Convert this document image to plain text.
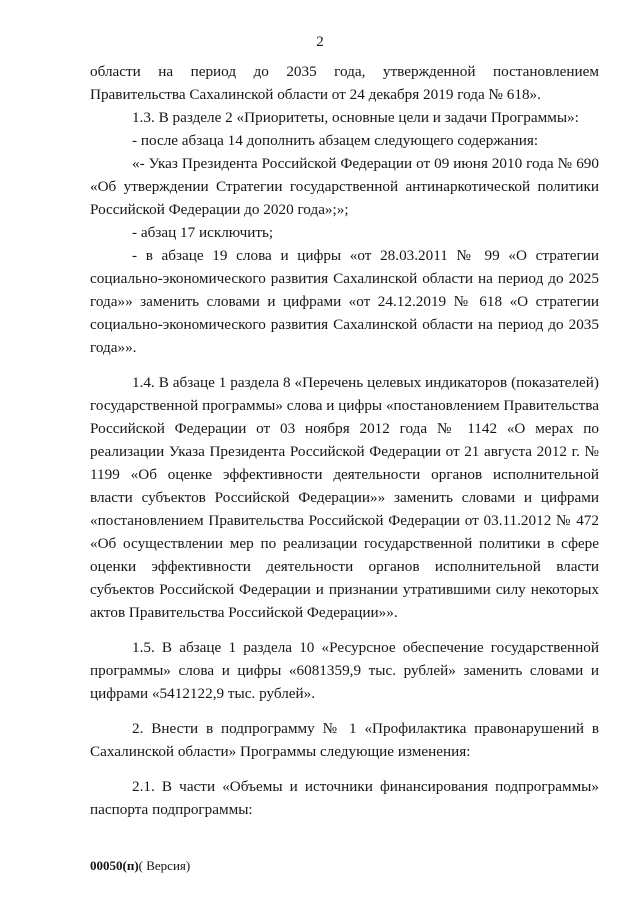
2

области на период до 2035 года, утвержденной постановлением Правительства Сахалинской области от 24 декабря 2019 года № 618».

1.3. В разделе 2 «Приоритеты, основные цели и задачи Программы»:

- после абзаца 14 дополнить абзацем следующего содержания:

«- Указ Президента Российской Федерации от 09 июня 2010 года № 690 «Об утверждении Стратегии государственной антинаркотической политики Российской Федерации до 2020 года»;»;

- абзац 17 исключить;

- в абзаце 19 слова и цифры «от 28.03.2011 № 99 «О стратегии социально-экономического развития Сахалинской области на период до 2025 года»» заменить словами и цифрами «от 24.12.2019 № 618 «О стратегии социально-экономического развития Сахалинской области на период до 2035 года»».

1.4. В абзаце 1 раздела 8 «Перечень целевых индикаторов (показателей) государственной программы» слова и цифры «постановлением Правительства Российской Федерации от 03 ноября 2012 года № 1142 «О мерах по реализации Указа Президента Российской Федерации от 21 августа 2012 г. № 1199 «Об оценке эффективности деятельности органов исполнительной власти субъектов Российской Федерации»» заменить словами и цифрами «постановлением Правительства Российской Федерации от 03.11.2012 № 472 «Об осуществлении мер по реализации государственной политики в сфере оценки эффективности деятельности органов исполнительной власти субъектов Российской Федерации и признании утратившими силу некоторых актов Правительства Российской Федерации»».

1.5. В абзаце 1 раздела 10 «Ресурсное обеспечение государственной программы» слова и цифры «6081359,9 тыс. рублей» заменить словами и цифрами «5412122,9 тыс. рублей».

2. Внести в подпрограмму № 1 «Профилактика правонарушений в Сахалинской области» Программы следующие изменения:

2.1. В части «Объемы и источники финансирования подпрограммы» паспорта подпрограммы:

00050(п)( Версия)
